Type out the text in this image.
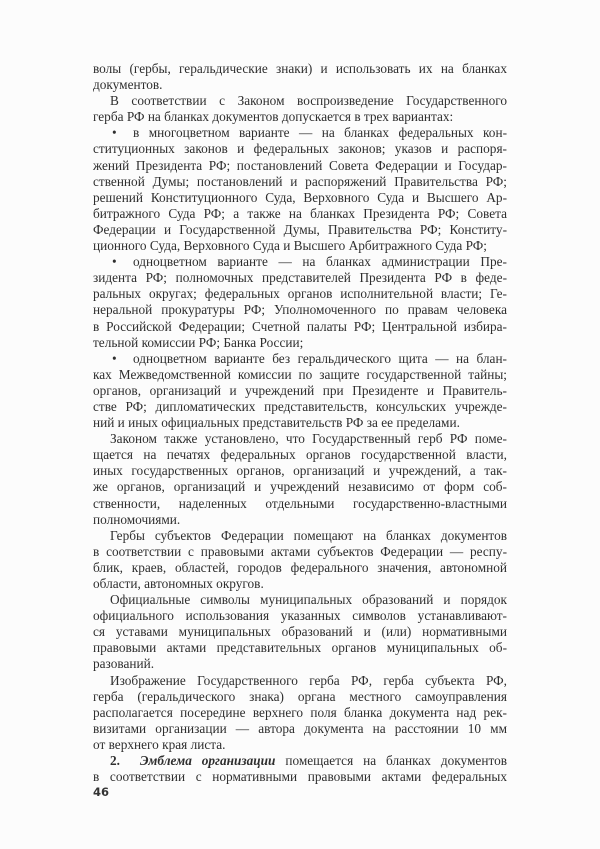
волы (гербы, геральдические знаки) и использовать их на бланках
документов.
В соответствии с Законом воспроизведение Государственного
герба РФ на бланках документов допускается в трех вариантах:
• в многоцветном варианте — на бланках федеральных кон-
ституционных законов и федеральных законов; указов и распоря-
жений Президента РФ; постановлений Совета Федерации и Государ-
ственной Думы; постановлений и распоряжений Правительства РФ;
решений Конституционного Суда, Верховного Суда и Высшего Ар-
битражного Суда РФ; а также на бланках Президента РФ; Совета
Федерации и Государственной Думы, Правительства РФ; Конститу-
ционного Суда, Верховного Суда и Высшего Арбитражного Суда РФ;
• одноцветном варианте — на бланках администрации Пре-
зидента РФ; полномочных представителей Президента РФ в феде-
ральных округах; федеральных органов исполнительной власти; Ге-
неральной прокуратуры РФ; Уполномоченного по правам человека
в Российской Федерации; Счетной палаты РФ; Центральной избира-
тельной комиссии РФ; Банка России;
• одноцветном варианте без геральдического щита — на блан-
ках Межведомственной комиссии по защите государственной тайны;
органов, организаций и учреждений при Президенте и Правитель-
стве РФ; дипломатических представительств, консульских учрежде-
ний и иных официальных представительств РФ за ее пределами.
Законом также установлено, что Государственный герб РФ поме-
щается на печатях федеральных органов государственной власти,
иных государственных органов, организаций и учреждений, а так-
же органов, организаций и учреждений независимо от форм соб-
ственности, наделенных отдельными государственно-властными
полномочиями.
Гербы субъектов Федерации помещают на бланках документов
в соответствии с правовыми актами субъектов Федерации — респу-
блик, краев, областей, городов федерального значения, автономной
области, автономных округов.
Официальные символы муниципальных образований и порядок
официального использования указанных символов устанавливают-
ся уставами муниципальных образований и (или) нормативными
правовыми актами представительных органов муниципальных об-
разований.
Изображение Государственного герба РФ, герба субъекта РФ,
герба (геральдического знака) органа местного самоуправления
располагается посередине верхнего поля бланка документа над рек-
визитами организации — автора документа на расстоянии 10 мм
от верхнего края листа.
2. Эмблема организации помещается на бланках документов
в соответствии с нормативными правовыми актами федеральных
46
